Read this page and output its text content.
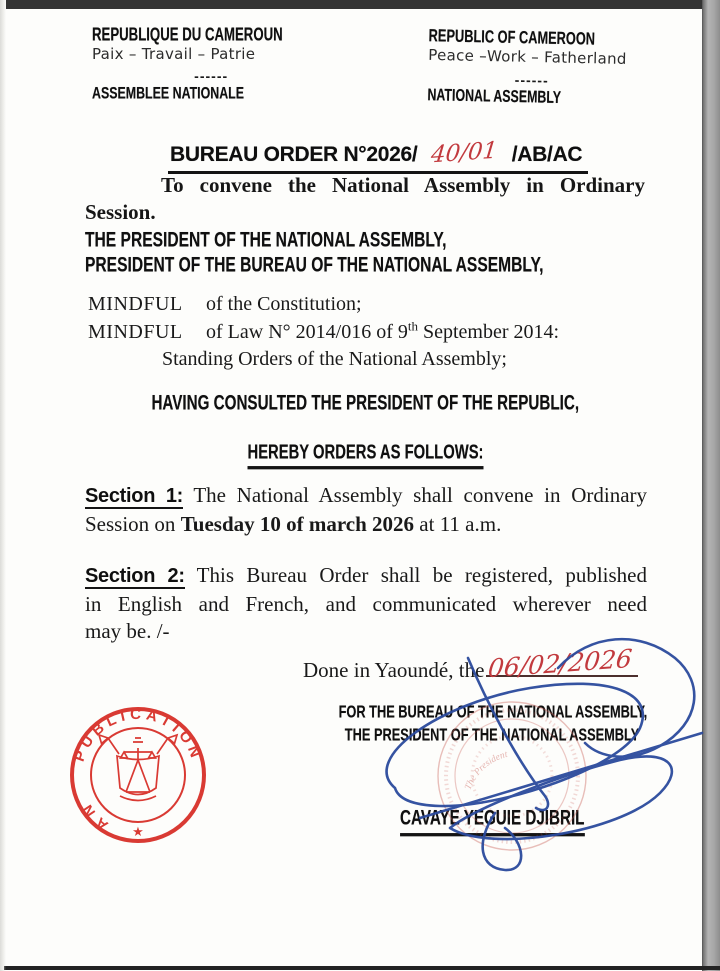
REPUBLIQUE DU CAMEROUN
Paix – Travail – Patrie
------
ASSEMBLEE NATIONALE
REPUBLIC OF CAMEROON
Peace –Work – Fatherland
------
NATIONAL ASSEMBLY
BUREAU ORDER N°2026/ 40/01 /AB/AC
To convene the National Assembly in Ordinary
Session.
THE PRESIDENT OF THE NATIONAL ASSEMBLY,
PRESIDENT OF THE BUREAU OF THE NATIONAL ASSEMBLY,
MINDFUL	of the Constitution;
MINDFUL	of Law N° 2014/016 of 9th September 2014:
Standing Orders of the National Assembly;
HAVING CONSULTED THE PRESIDENT OF THE REPUBLIC,
HEREBY ORDERS AS FOLLOWS:
Section 1: The National Assembly shall convene in Ordinary
Session on Tuesday 10 of march 2026 at 11 a.m.
Section 2: This Bureau Order shall be registered, published
in English and French, and communicated wherever need
may be. /-
Done in Yaoundé, the 06/02/2026
AN
PUBLICATION
★
FOR THE BUREAU OF THE NATIONAL ASSEMBLY,
THE PRESIDENT OF THE NATIONAL ASSEMBLY
CAVAYE YEGUIE DJIBRIL
The President
